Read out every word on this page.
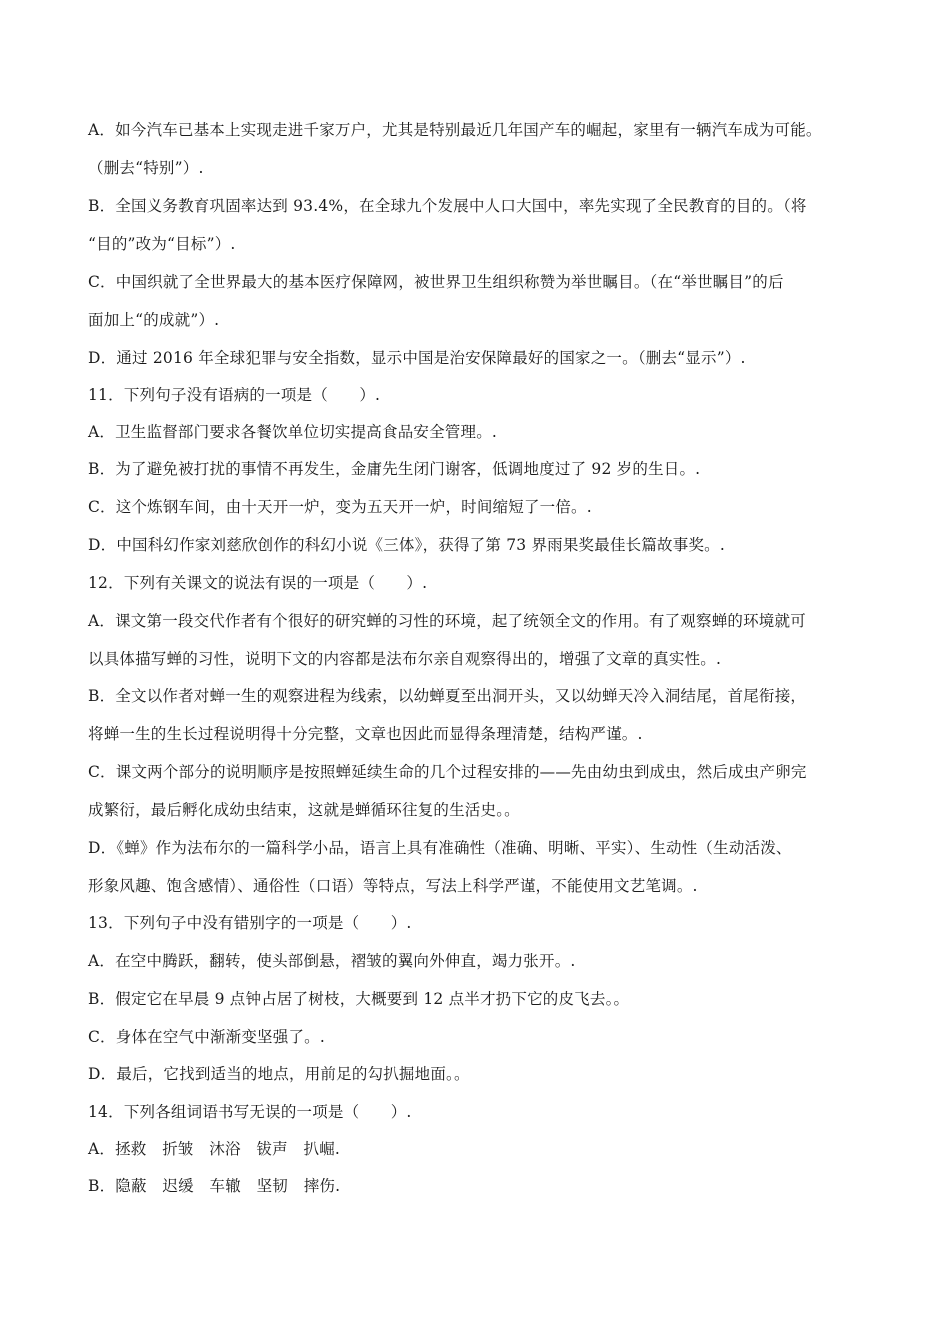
A．如今汽车已基本上实现走进千家万户，尤其是特别最近几年国产车的崛起，家里有一辆汽车成为可能。
（删去“特别”）.
B．全国义务教育巩固率达到 93.4%，在全球九个发展中人口大国中，率先实现了全民教育的目的。（将
“目的”改为“目标”）.
C．中国织就了全世界最大的基本医疗保障网，被世界卫生组织称赞为举世瞩目。（在“举世瞩目”的后
面加上“的成就”）.
D．通过 2016 年全球犯罪与安全指数，显示中国是治安保障最好的国家之一。（删去“显示”）.
11．下列句子没有语病的一项是（　　）.
A．卫生监督部门要求各餐饮单位切实提高食品安全管理。.
B．为了避免被打扰的事情不再发生，金庸先生闭门谢客，低调地度过了 92 岁的生日。.
C．这个炼钢车间，由十天开一炉，变为五天开一炉，时间缩短了一倍。.
D．中国科幻作家刘慈欣创作的科幻小说《三体》，获得了第 73 界雨果奖最佳长篇故事奖。.
12．下列有关课文的说法有误的一项是（　　）.
A．课文第一段交代作者有个很好的研究蝉的习性的环境，起了统领全文的作用。有了观察蝉的环境就可
以具体描写蝉的习性，说明下文的内容都是法布尔亲自观察得出的，增强了文章的真实性。.
B．全文以作者对蝉一生的观察进程为线索，以幼蝉夏至出洞开头，又以幼蝉天冷入洞结尾，首尾衔接，
将蝉一生的生长过程说明得十分完整，文章也因此而显得条理清楚，结构严谨。.
C．课文两个部分的说明顺序是按照蝉延续生命的几个过程安排的——先由幼虫到成虫，然后成虫产卵完
成繁衍，最后孵化成幼虫结束，这就是蝉循环往复的生活史。。
D．《蝉》作为法布尔的一篇科学小品，语言上具有准确性（准确、明晰、平实）、生动性（生动活泼、
形象风趣、饱含感情）、通俗性（口语）等特点，写法上科学严谨，不能使用文艺笔调。.
13．下列句子中没有错别字的一项是（　　）.
A．在空中腾跃，翻转，使头部倒悬，褶皱的翼向外伸直，竭力张开。.
B．假定它在早晨 9 点钟占居了树枝，大概要到 12 点半才扔下它的皮飞去。。
C．身体在空气中渐渐变坚强了。.
D．最后，它找到适当的地点，用前足的勾扒掘地面。。
14．下列各组词语书写无误的一项是（　　）.
A．拯救　折皱　沐浴　钹声　扒崛.
B．隐蔽　迟缓　车辙　坚韧　摔伤.
